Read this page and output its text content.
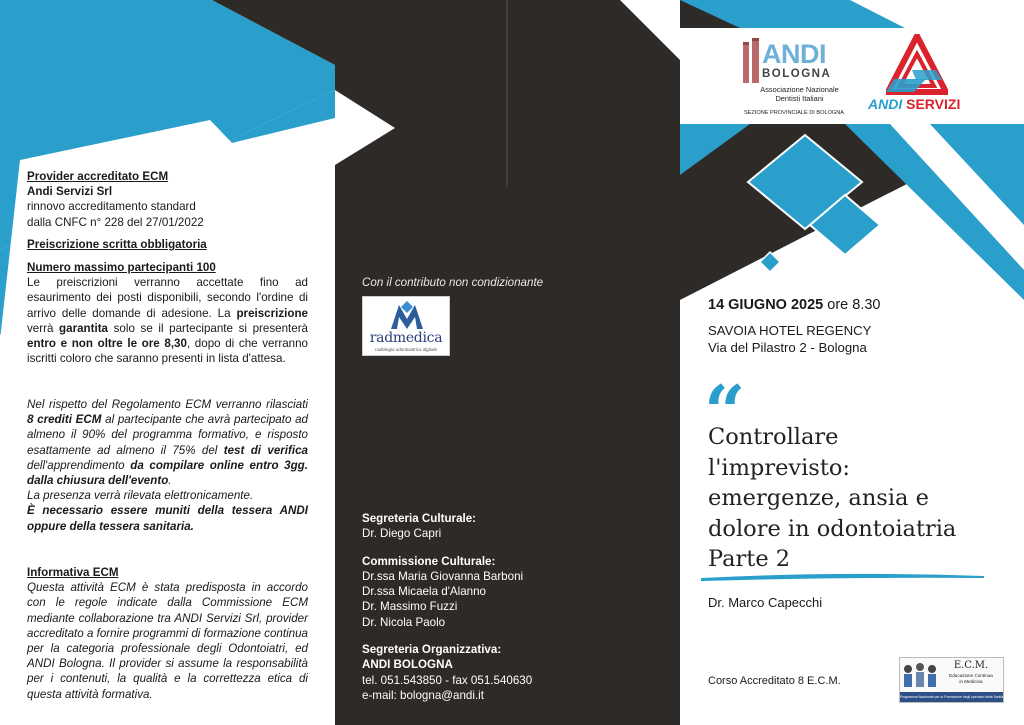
Provider accreditato ECM
Andi Servizi Srl
rinnovo accreditamento standard
dalla CNFC n° 228 del 27/01/2022
Preiscrizione scritta obbligatoria
Numero massimo partecipanti 100
Le preiscrizioni verranno accettate fino ad esaurimento dei posti disponibili, secondo l'ordine di arrivo delle domande di adesione. La preiscrizione verrà garantita solo se il partecipante si presenterà entro e non oltre le ore 8,30, dopo di che verranno iscritti coloro che saranno presenti in lista d'attesa.
Nel rispetto del Regolamento ECM verranno rilasciati 8 crediti ECM al partecipante che avrà partecipato ad almeno il 90% del programma formativo, e risposto esattamente ad almeno il 75% del test di verifica dell'apprendimento da compilare online entro 3gg. dalla chiusura dell'evento.
La presenza verrà rilevata elettronicamente.
È necessario essere muniti della tessera ANDI oppure della tessera sanitaria.
Informativa ECM
Questa attività ECM è stata predisposta in accordo con le regole indicate dalla Commissione ECM mediante collaborazione tra ANDI Servizi Srl, provider accreditato a fornire programmi di formazione continua per la categoria professionale degli Odontoiatri, ed ANDI Bologna. Il provider si assume la responsabilità per i contenuti, la qualità e la correttezza etica di questa attività formativa.
Con il contributo non condizionante
radmedica
radiologia odontoiatrica digitale
Segreteria Culturale:
Dr. Diego Capri
Commissione Culturale:
Dr.ssa Maria Giovanna Barboni
Dr.ssa Micaela d'Alanno
Dr. Massimo Fuzzi
Dr. Nicola Paolo
Segreteria Organizzativa:
ANDI BOLOGNA
tel. 051.543850 - fax 051.540630
e-mail: bologna@andi.it
ANDI
BOLOGNA
Associazione Nazionale
Dentisti Italiani
SEZIONE PROVINCIALE DI BOLOGNA
ANDI SERVIZI
14 GIUGNO 2025 ore 8.30
SAVOIA HOTEL REGENCY
Via del Pilastro 2 - Bologna
“
Controllare
l'imprevisto:
emergenze, ansia e
dolore in odontoiatria
Parte 2
Dr. Marco Capecchi
Corso Accreditato 8 E.C.M.
E.C.M.
Educazione Continua
in Medicina
Programma Nazionale per la Formazione degli operatori della Sanità
